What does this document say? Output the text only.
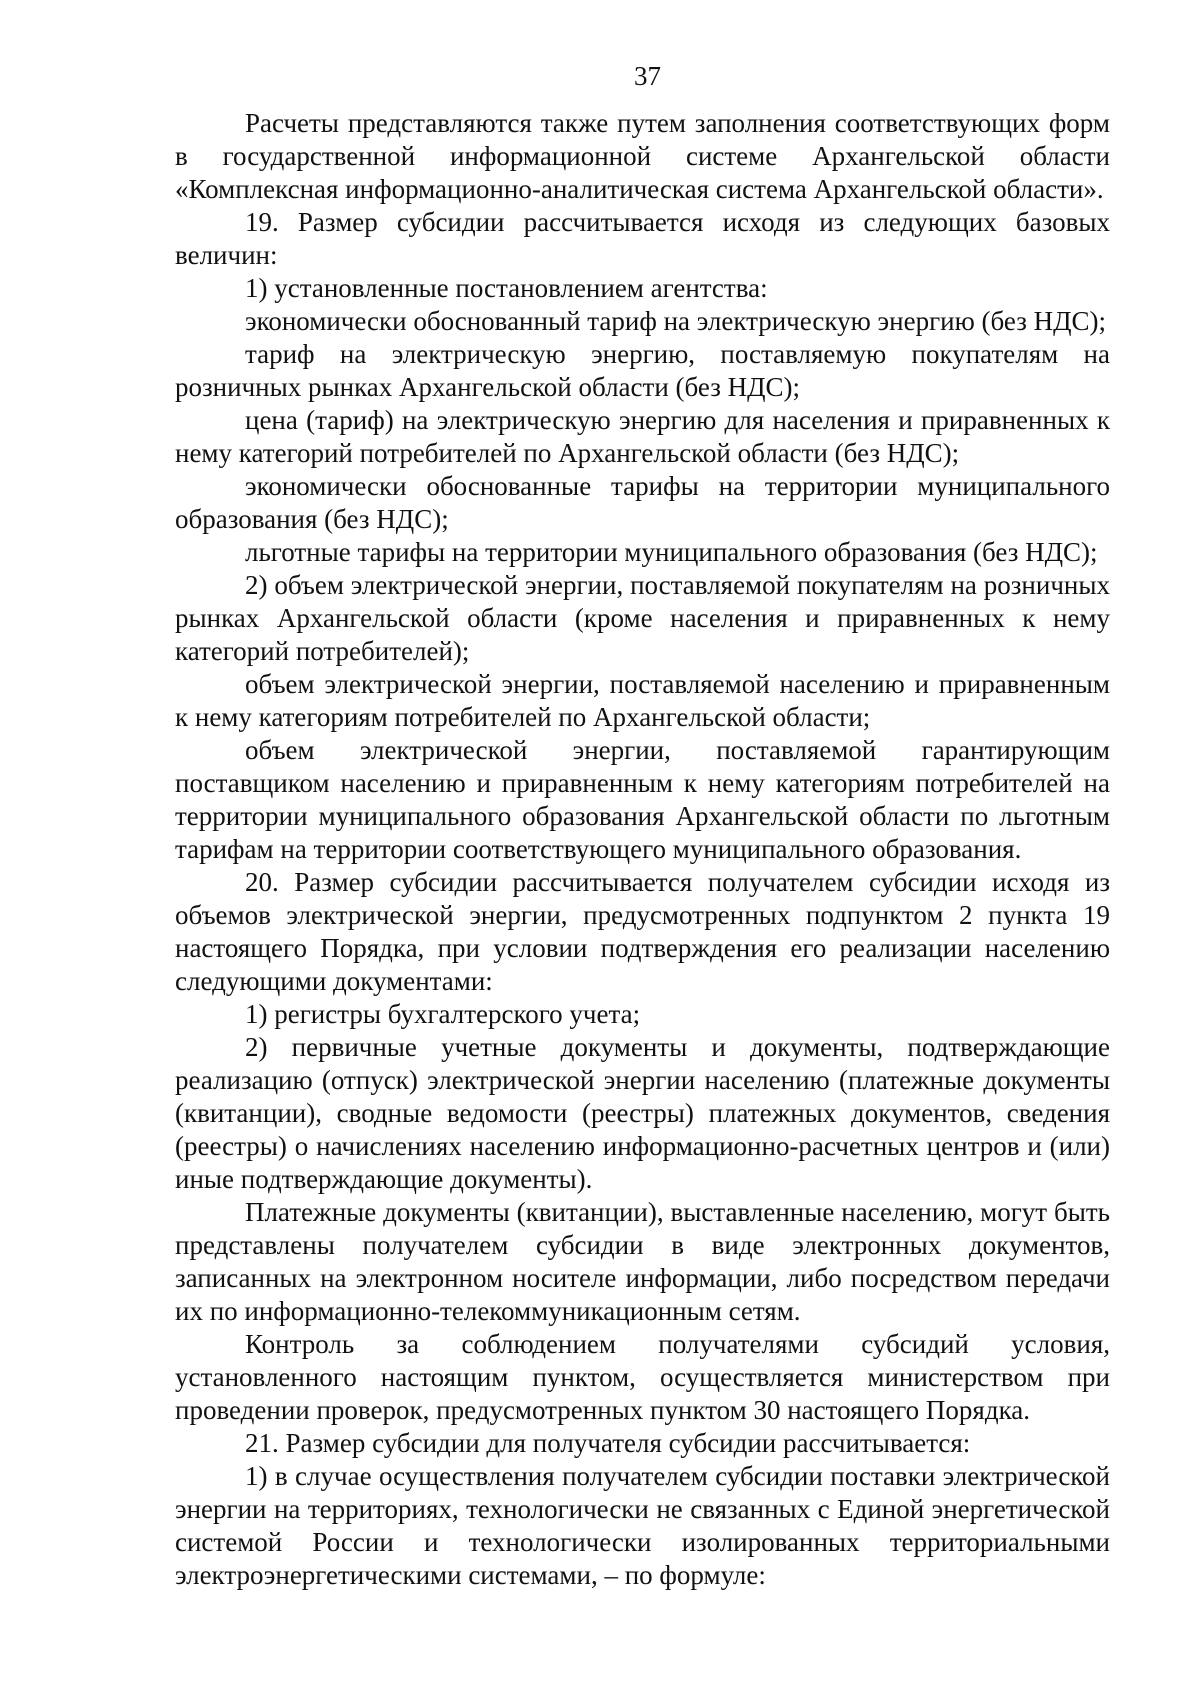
37

Расчеты представляются также путем заполнения соответствующих форм в государственной информационной системе Архангельской области «Комплексная информационно-аналитическая система Архангельской области».

19. Размер субсидии рассчитывается исходя из следующих базовых величин:

1) установленные постановлением агентства:

экономически обоснованный тариф на электрическую энергию (без НДС);

тариф на электрическую энергию, поставляемую покупателям на розничных рынках Архангельской области (без НДС);

цена (тариф) на электрическую энергию для населения и приравненных к нему категорий потребителей по Архангельской области (без НДС);

экономически обоснованные тарифы на территории муниципального образования (без НДС);

льготные тарифы на территории муниципального образования (без НДС);

2) объем электрической энергии, поставляемой покупателям на розничных рынках Архангельской области (кроме населения и приравненных к нему категорий потребителей);

объем электрической энергии, поставляемой населению и приравненным к нему категориям потребителей по Архангельской области;

объем электрической энергии, поставляемой гарантирующим поставщиком населению и приравненным к нему категориям потребителей на территории муниципального образования Архангельской области по льготным тарифам на территории соответствующего муниципального образования.

20. Размер субсидии рассчитывается получателем субсидии исходя из объемов электрической энергии, предусмотренных подпунктом 2 пункта 19 настоящего Порядка, при условии подтверждения его реализации населению следующими документами:

1) регистры бухгалтерского учета;

2) первичные учетные документы и документы, подтверждающие реализацию (отпуск) электрической энергии населению (платежные документы (квитанции), сводные ведомости (реестры) платежных документов, сведения (реестры) о начислениях населению информационно-расчетных центров и (или) иные подтверждающие документы).

Платежные документы (квитанции), выставленные населению, могут быть представлены получателем субсидии в виде электронных документов, записанных на электронном носителе информации, либо посредством передачи их по информационно-телекоммуникационным сетям.

Контроль за соблюдением получателями субсидий условия, установленного настоящим пунктом, осуществляется министерством при проведении проверок, предусмотренных пунктом 30 настоящего Порядка.

21. Размер субсидии для получателя субсидии рассчитывается:

1) в случае осуществления получателем субсидии поставки электрической энергии на территориях, технологически не связанных с Единой энергетической системой России и технологически изолированных территориальными электроэнергетическими системами, – по формуле:
